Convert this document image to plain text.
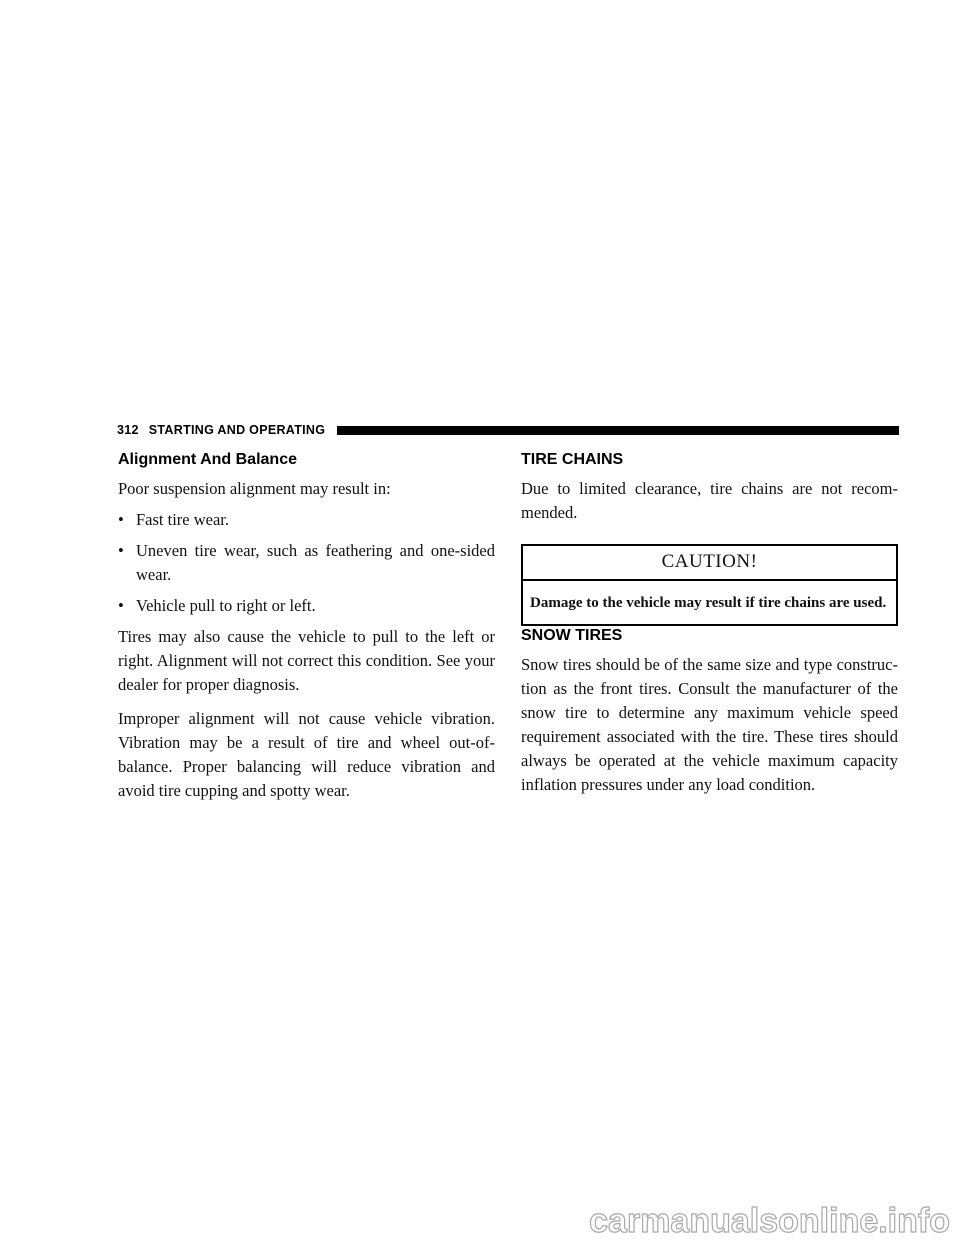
312 STARTING AND OPERATING
Alignment And Balance

Poor suspension alignment may result in:

• Fast tire wear.
• Uneven tire wear, such as feathering and one-sided wear.
• Vehicle pull to right or left.

Tires may also cause the vehicle to pull to the left or right. Alignment will not correct this condition. See your dealer for proper diagnosis.

Improper alignment will not cause vehicle vibration. Vibration may be a result of tire and wheel out-of-balance. Proper balancing will reduce vibration and avoid tire cupping and spotty wear.

TIRE CHAINS

Due to limited clearance, tire chains are not recom-mended.

CAUTION!
Damage to the vehicle may result if tire chains are used.
SNOW TIRES

Snow tires should be of the same size and type construc-tion as the front tires. Consult the manufacturer of the snow tire to determine any maximum vehicle speed requirement associated with the tire. These tires should always be operated at the vehicle maximum capacity inflation pressures under any load condition.

carmanualsonline.info
